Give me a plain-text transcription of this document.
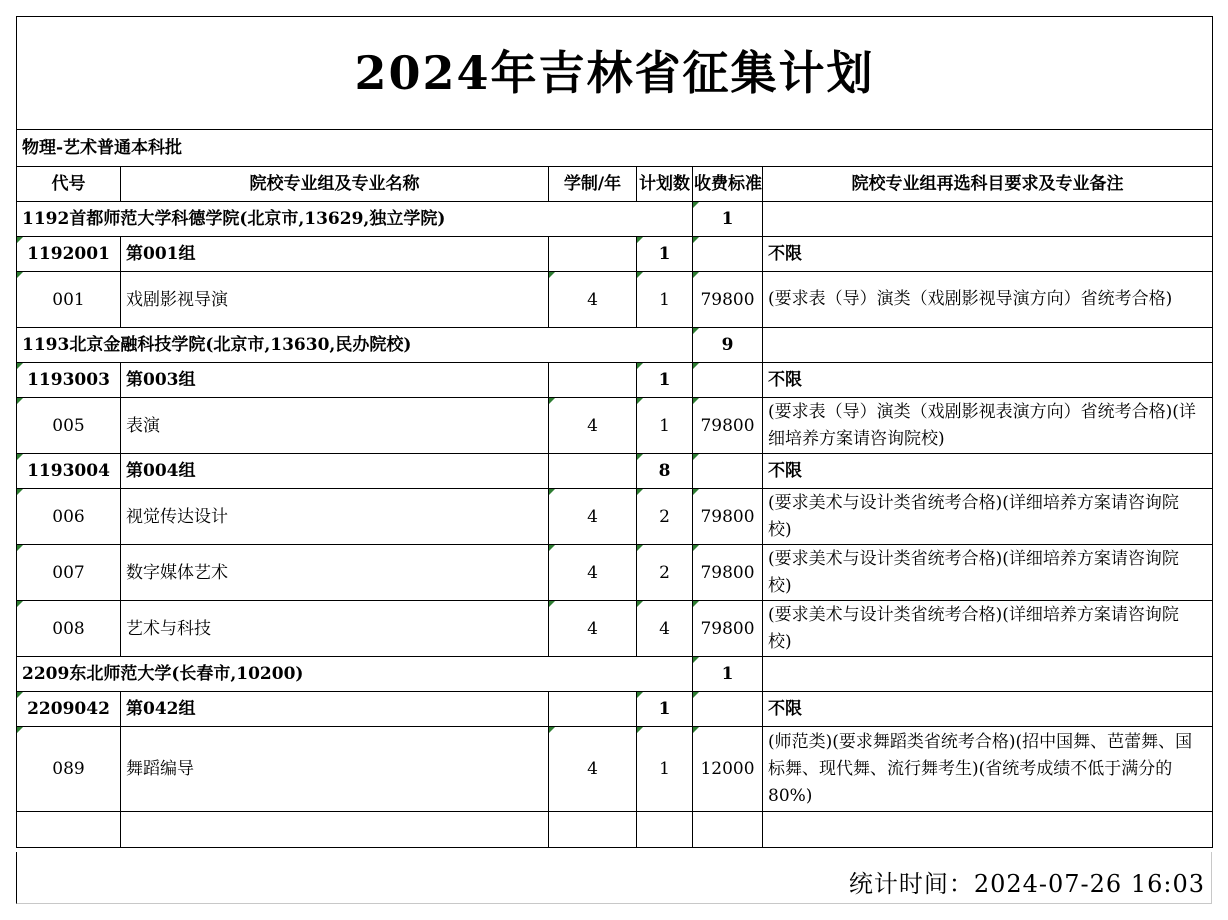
2024年吉林省征集计划						
物理-艺术普通本科批						
代号	院校专业组及专业名称	学制/年	计划数	收费标准	院校专业组再选科目要求及专业备注	
1192首都师范大学科德学院(北京市,13629,独立学院)				1		
1192001	第001组		1		不限	
001	戏剧影视导演	4	1	79800	(要求表（导）演类（戏剧影视导演方向）省统考合格)	
1193北京金融科技学院(北京市,13630,民办院校)				9		
1193003	第003组		1		不限	
005	表演	4	1	79800	(要求表（导）演类（戏剧影视表演方向）省统考合格)(详细培养方案请咨询院校)	
1193004	第004组		8		不限	
006	视觉传达设计	4	2	79800	(要求美术与设计类省统考合格)(详细培养方案请咨询院校)	
007	数字媒体艺术	4	2	79800	(要求美术与设计类省统考合格)(详细培养方案请咨询院校)	
008	艺术与科技	4	4	79800	(要求美术与设计类省统考合格)(详细培养方案请咨询院校)	
2209东北师范大学(长春市,10200)				1		
2209042	第042组		1		不限	
089	舞蹈编导	4	1	12000	(师范类)(要求舞蹈类省统考合格)(招中国舞、芭蕾舞、国标舞、现代舞、流行舞考生)(省统考成绩不低于满分的80%)	

统计时间：2024-07-26 16:03
